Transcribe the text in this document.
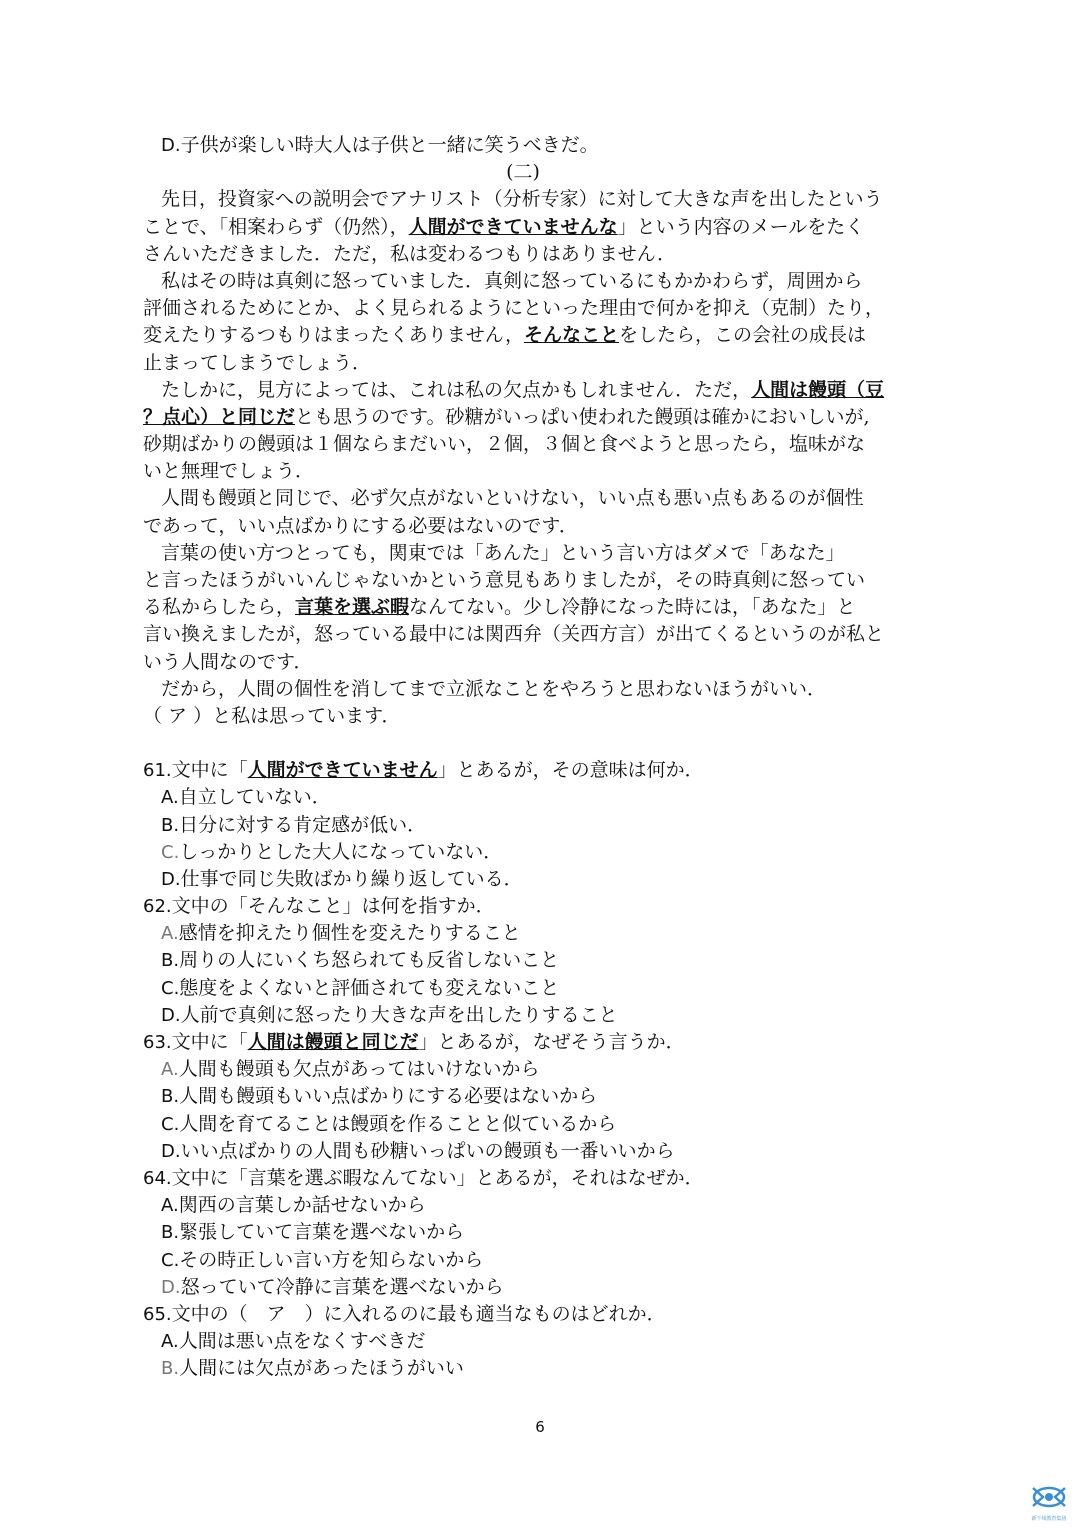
D.子供が楽しい時大人は子供と一緒に笑うべきだ。
(二)
先日，投資家への説明会でアナリスト（分析专家）に対して大きな声を出したという
ことで、「相案わらず（仍然），人間ができていませんな」という内容のメールをたく
さんいただきました．ただ，私は変わるつもりはありません．
私はその時は真剣に怒っていました．真剣に怒っているにもかかわらず，周囲から
評価されるためにとか、よく見られるようにといった理由で何かを抑え（克制）たり，
変えたりするつもりはまったくありません，そんなことをしたら，この会社の成長は
止まってしまうでしょう．
たしかに，見方によっては、これは私の欠点かもしれません．ただ，人間は饅頭（豆
？点心）と同じだとも思うのです。砂糖がいっぱい使われた饅頭は確かにおいしいが,
砂期ばかりの饅頭は１個ならまだいい，２個，３個と食べようと思ったら，塩味がな
いと無理でしょう．
人間も饅頭と同じで、必ず欠点がないといけない，いい点も悪い点もあるのが個性
であって，いい点ばかりにする必要はないのです．
言葉の使い方つとっても，関東では「あんた」という言い方はダメで「あなた」
と言ったほうがいいんじゃないかという意見もありましたが，その時真剣に怒ってい
る私からしたら，言葉を選ぶ暇なんてない。少し冷静になった時には，「あなた」と
言い換えましたが，怒っている最中には関西弁（关西方言）が出てくるというのが私と
いう人間なのです．
だから，人間の個性を消してまで立派なことをやろうと思わないほうがいい．
（ ア ）と私は思っています．
61.文中に「人間ができていません」とあるが，その意味は何か．
A.自立していない．
B.日分に対する肯定感が低い．
C.しっかりとした大人になっていない．
D.仕事で同じ失敗ばかり繰り返している．
62.文中の「そんなこと」は何を指すか．
A.感情を抑えたり個性を変えたりすること
B.周りの人にいくち怒られても反省しないこと
C.態度をよくないと評価されても変えないこと
D.人前で真剣に怒ったり大きな声を出したりすること
63.文中に「人間は饅頭と同じだ」とあるが，なぜそう言うか．
A.人間も饅頭も欠点があってはいけないから
B.人間も饅頭もいい点ばかりにする必要はないから
C.人間を育てることは饅頭を作ることと似ているから
D.いい点ばかりの人間も砂糖いっぱいの饅頭も一番いいから
64.文中に「言葉を選ぶ暇なんてない」とあるが，それはなぜか．
A.関西の言葉しか話せないから
B.緊張していて言葉を選べないから
C.その時正しい言い方を知らないから
D.怒っていて冷静に言葉を選べないから
65.文中の（　ア　）に入れるのに最も適当なものはどれか．
A.人間は悪い点をなくすべきだ
B.人間には欠点があったほうがいい
6
新干线教育集团
